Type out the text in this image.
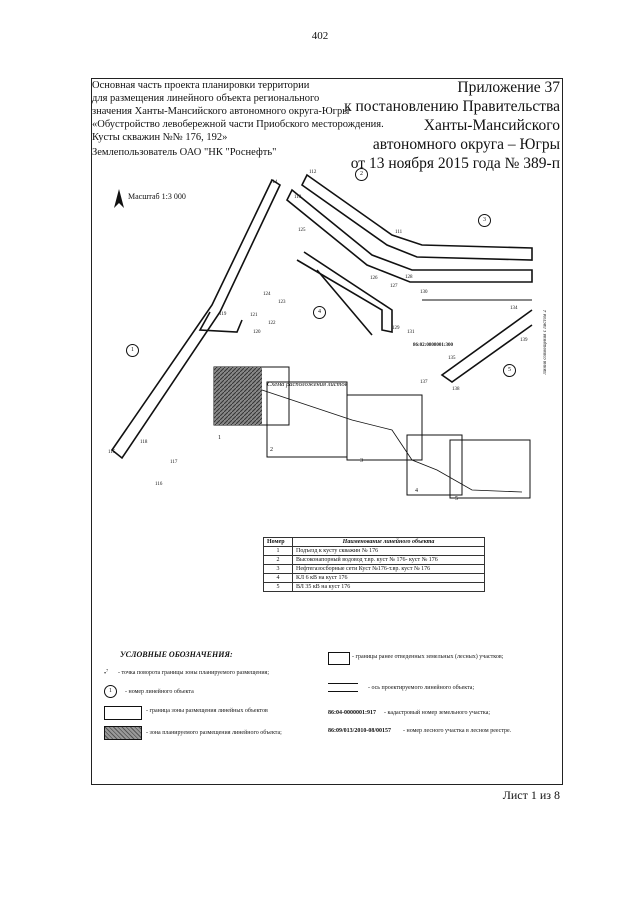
402
Основная часть проекта планировки территории
для размещения линейного объекта регионального
значения Ханты-Мансийского автономного округа-Югры
«Обустройство левобережной части Приобского месторождения.
Кусты скважин №№ 176, 192»
Землепользователь ОАО "НК "Роснефть"
Приложение 37
к постановлению Правительства
Ханты-Мансийского
автономного округа – Югры
от 13 ноября 2015 года № 389-п
Масштаб 1:3 000
86:02:0808001:300
Схема расположения листов
Линия совмещения с листом 2
1
2
3
4
5
112
114
113
125	111
126
127
128
130
124
123
121
122
119
120
129
131
134
139
135
137
138
115
116
117
118
1
2
3
4
5
Номер	Наименование линейного объекта
1	Подъезд к кусту скважин № 176
2	Высоконапорный водовод т.вр. куст № 176- куст № 176
3	Нефтегазосборные сети Куст №176-т.вр. куст № 176
4	КЛ 6 кВ на куст 176
5	ВЛ 35 кВ на куст 176
УСЛОВНЫЕ ОБОЗНАЧЕНИЯ:
•$^7$ - точка поворота границы зоны планируемого размещения;
1	- номер линейного объекта
- граница зоны размещения линейных объектов
- зона планируемого размещения линейного объекта;
- границы ранее отведенных земельных (лесных) участков;
- ось проектируемого линейного объекта;
86:04-0000001:917 - кадастровый номер земельного участка;
86:09/013/2010-08/00157 - номер лесного участка в лесном реестре.
Лист 1 из 8
